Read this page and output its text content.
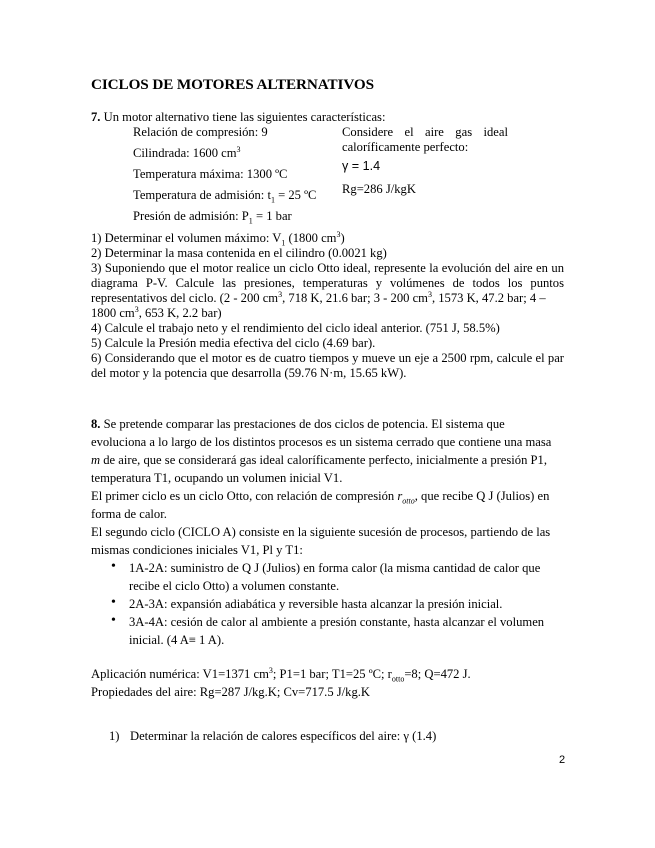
CICLOS DE MOTORES ALTERNATIVOS
7. Un motor alternativo tiene las siguientes características:
Relación de compresión: 9
Cilindrada: 1600 $cm^3$
Temperatura máxima: 1300 ºC
Temperatura de admisión: $t_1 = 25$ ºC
Presión de admisión: $P_1 = 1$ bar
Considere el aire gas ideal
caloríficamente perfecto:
γ = 1.4
Rg=286 J/kgK
1) Determinar el volumen máximo: $V_1$ (1800 $cm^3$)
2) Determinar la masa contenida en el cilindro (0.0021 kg)
3) Suponiendo que el motor realice un ciclo Otto ideal, represente la evolución del aire en un
diagrama P-V. Calcule las presiones, temperaturas y volúmenes de todos los puntos
representativos del ciclo. (2 - 200 $cm^3$, 718 K, 21.6 bar; 3 - 200 $cm^3$, 1573 K, 47.2 bar; 4 –
1800 $cm^3$, 653 K, 2.2 bar)
4) Calcule el trabajo neto y el rendimiento del ciclo ideal anterior. (751 J, 58.5%)
5) Calcule la Presión media efectiva del ciclo (4.69 bar).
6) Considerando que el motor es de cuatro tiempos y mueve un eje a 2500 rpm, calcule el par
del motor y la potencia que desarrolla (59.76 N·m, 15.65 kW).
8. Se pretende comparar las prestaciones de dos ciclos de potencia. El sistema que
evoluciona a lo largo de los distintos procesos es un sistema cerrado que contiene una masa
m de aire, que se considerará gas ideal caloríficamente perfecto, inicialmente a presión P1,
temperatura T1, ocupando un volumen inicial V1.
El primer ciclo es un ciclo Otto, con relación de compresión $r_{otto}$, que recibe Q J (Julios) en
forma de calor.
El segundo ciclo (CICLO A) consiste en la siguiente sucesión de procesos, partiendo de las
mismas condiciones iniciales V1, Pl y T1:
• 1A-2A: suministro de Q J (Julios) en forma calor (la misma cantidad de calor que
recibe el ciclo Otto) a volumen constante.
• 2A-3A: expansión adiabática y reversible hasta alcanzar la presión inicial.
• 3A-4A: cesión de calor al ambiente a presión constante, hasta alcanzar el volumen
inicial. (4 A≡ 1 A).
Aplicación numérica: V1=1371 $cm^3$; P1=1 bar; T1=25 ºC; $r_{otto}=8$; Q=472 J.
Propiedades del aire: Rg=287 J/kg.K; Cv=717.5 J/kg.K
1) Determinar la relación de calores específicos del aire: γ (1.4)
2
